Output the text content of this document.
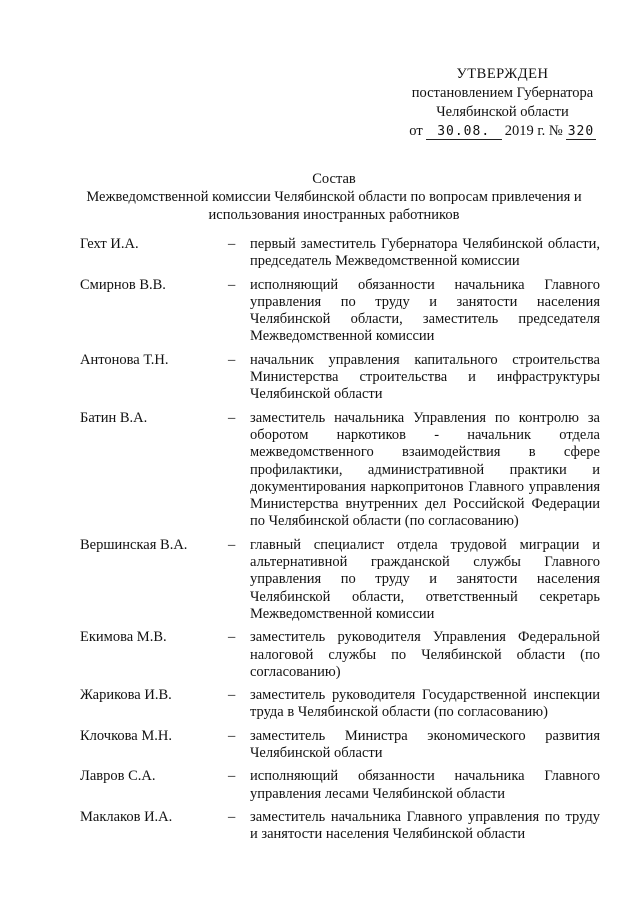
УТВЕРЖДЕН
постановлением Губернатора
Челябинской области
от	30.08.	2019 г. № 320
Состав
Межведомственной комиссии Челябинской области по вопросам привлечения и использования иностранных работников
Гехт И.А.	–	первый заместитель Губернатора Челябинской области, председатель Межведомственной комиссии
Смирнов В.В.	–	исполняющий обязанности начальника Главного управления по труду и занятости населения Челябинской области, заместитель председателя Межведомственной комиссии
Антонова Т.Н.	–	начальник управления капитального строительства Министерства строительства и инфраструктуры Челябинской области
Батин В.А.	–	заместитель начальника Управления по контролю за оборотом наркотиков - начальник отдела межведомственного взаимодействия в сфере профилактики, административной практики и документирования наркопритонов Главного управления Министерства внутренних дел Российской Федерации по Челябинской области (по согласованию)
Вершинская В.А.	–	главный специалист отдела трудовой миграции и альтернативной гражданской службы Главного управления по труду и занятости населения Челябинской области, ответственный секретарь Межведомственной комиссии
Екимова М.В.	–	заместитель руководителя Управления Федеральной налоговой службы по Челябинской области (по согласованию)
Жарикова И.В.	–	заместитель руководителя Государственной инспекции труда в Челябинской области (по согласованию)
Клочкова М.Н.	–	заместитель Министра экономического развития Челябинской области
Лавров С.А.	–	исполняющий обязанности начальника Главного управления лесами Челябинской области
Маклаков И.А.	–	заместитель начальника Главного управления по труду и занятости населения Челябинской области
